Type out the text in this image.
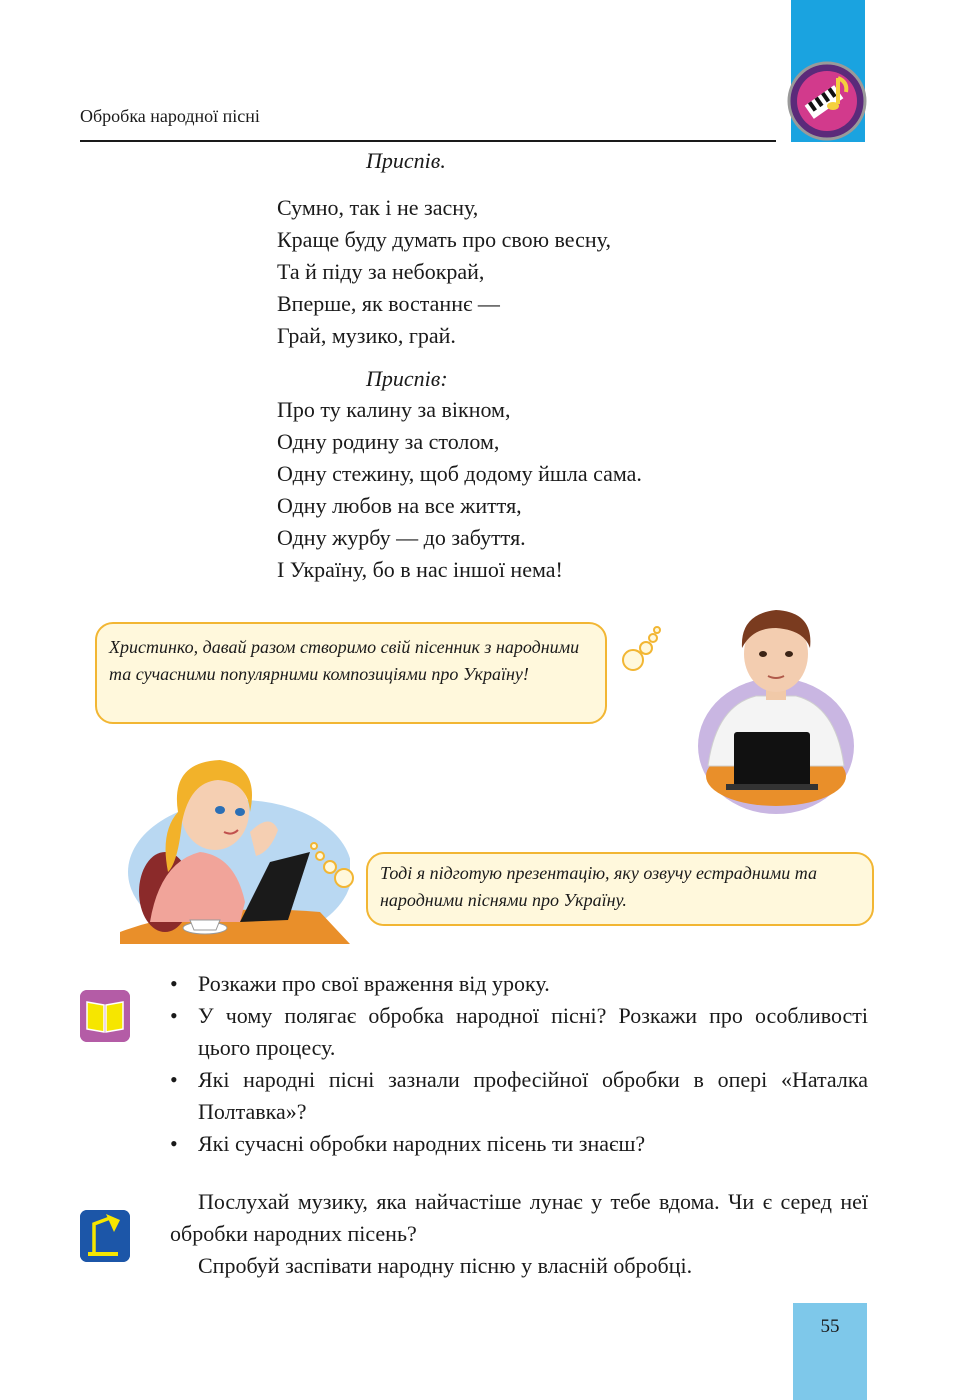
Обробка народної пісні
Приспів.
Сумно, так і не засну,
Краще буду думать про свою весну,
Та й піду за небокрай,
Вперше, як востаннє —
Грай, музико, грай.
Приспів:
Про ту калину за вікном,
Одну родину за столом,
Одну стежину, щоб додому йшла сама.
Одну любов на все життя,
Одну журбу — до забуття.
І Україну, бо в нас іншої нема!
Христинко, давай разом створимо свій пісенник з народними та сучасними популярними композиціями про Україну!
Тоді я підготую презентацію, яку озвучу естрадними та народними піснями про Україну.
• Розкажи про свої враження від уроку.
• У чому полягає обробка народної пісні? Розкажи про особливості цього процесу.
• Які народні пісні зазнали професійної обробки в опері «Наталка Полтавка»?
• Які сучасні обробки народних пісень ти знаєш?

Послухай музику, яка найчастіше лунає у тебе вдома. Чи є серед неї обробки народних пісень?

Спробуй заспівати народну пісню у власній обробці.

55
